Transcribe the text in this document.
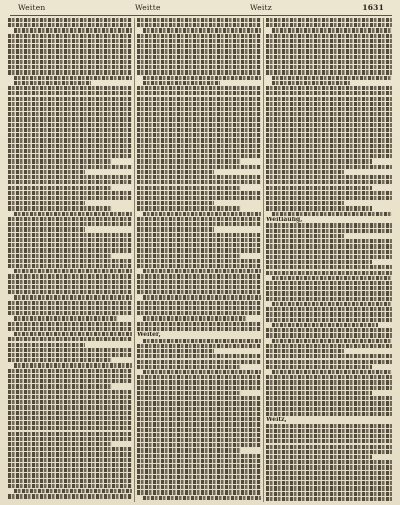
Weiten	Weitte	Weitz	1631
Weiter,
Weitläufig,
Weitz,
